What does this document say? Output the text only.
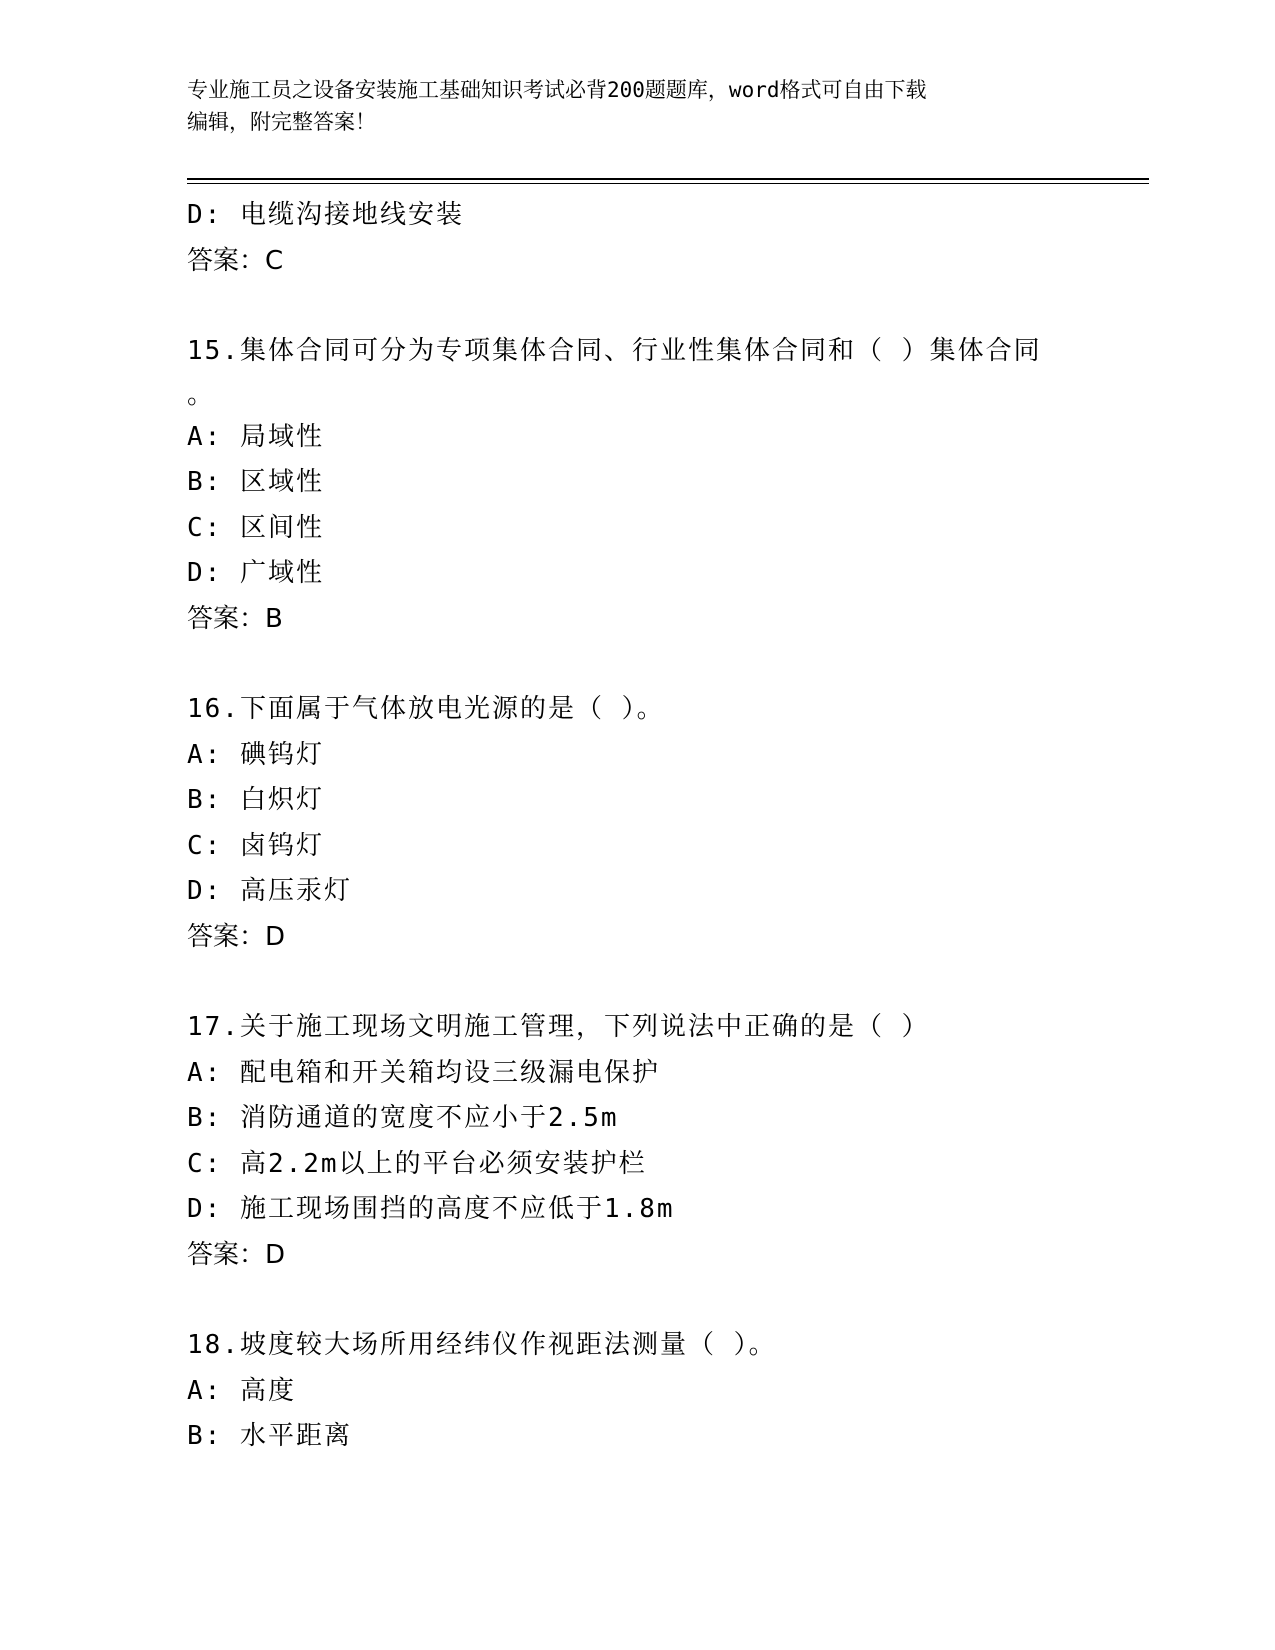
专业施工员之设备安装施工基础知识考试必背200题题库，word格式可自由下载
编辑，附完整答案！
D: 电缆沟接地线安装
答案：C
15.集体合同可分为专项集体合同、行业性集体合同和（ ）集体合同
。
A: 局域性
B: 区域性
C: 区间性
D: 广域性
答案：B
16.下面属于气体放电光源的是（ ）。
A: 碘钨灯
B: 白炽灯
C: 卤钨灯
D: 高压汞灯
答案：D
17.关于施工现场文明施工管理，下列说法中正确的是（ ）
A: 配电箱和开关箱均设三级漏电保护
B: 消防通道的宽度不应小于2.5m
C: 高2.2m以上的平台必须安装护栏
D: 施工现场围挡的高度不应低于1.8m
答案：D
18.坡度较大场所用经纬仪作视距法测量（ ）。
A: 高度
B: 水平距离
